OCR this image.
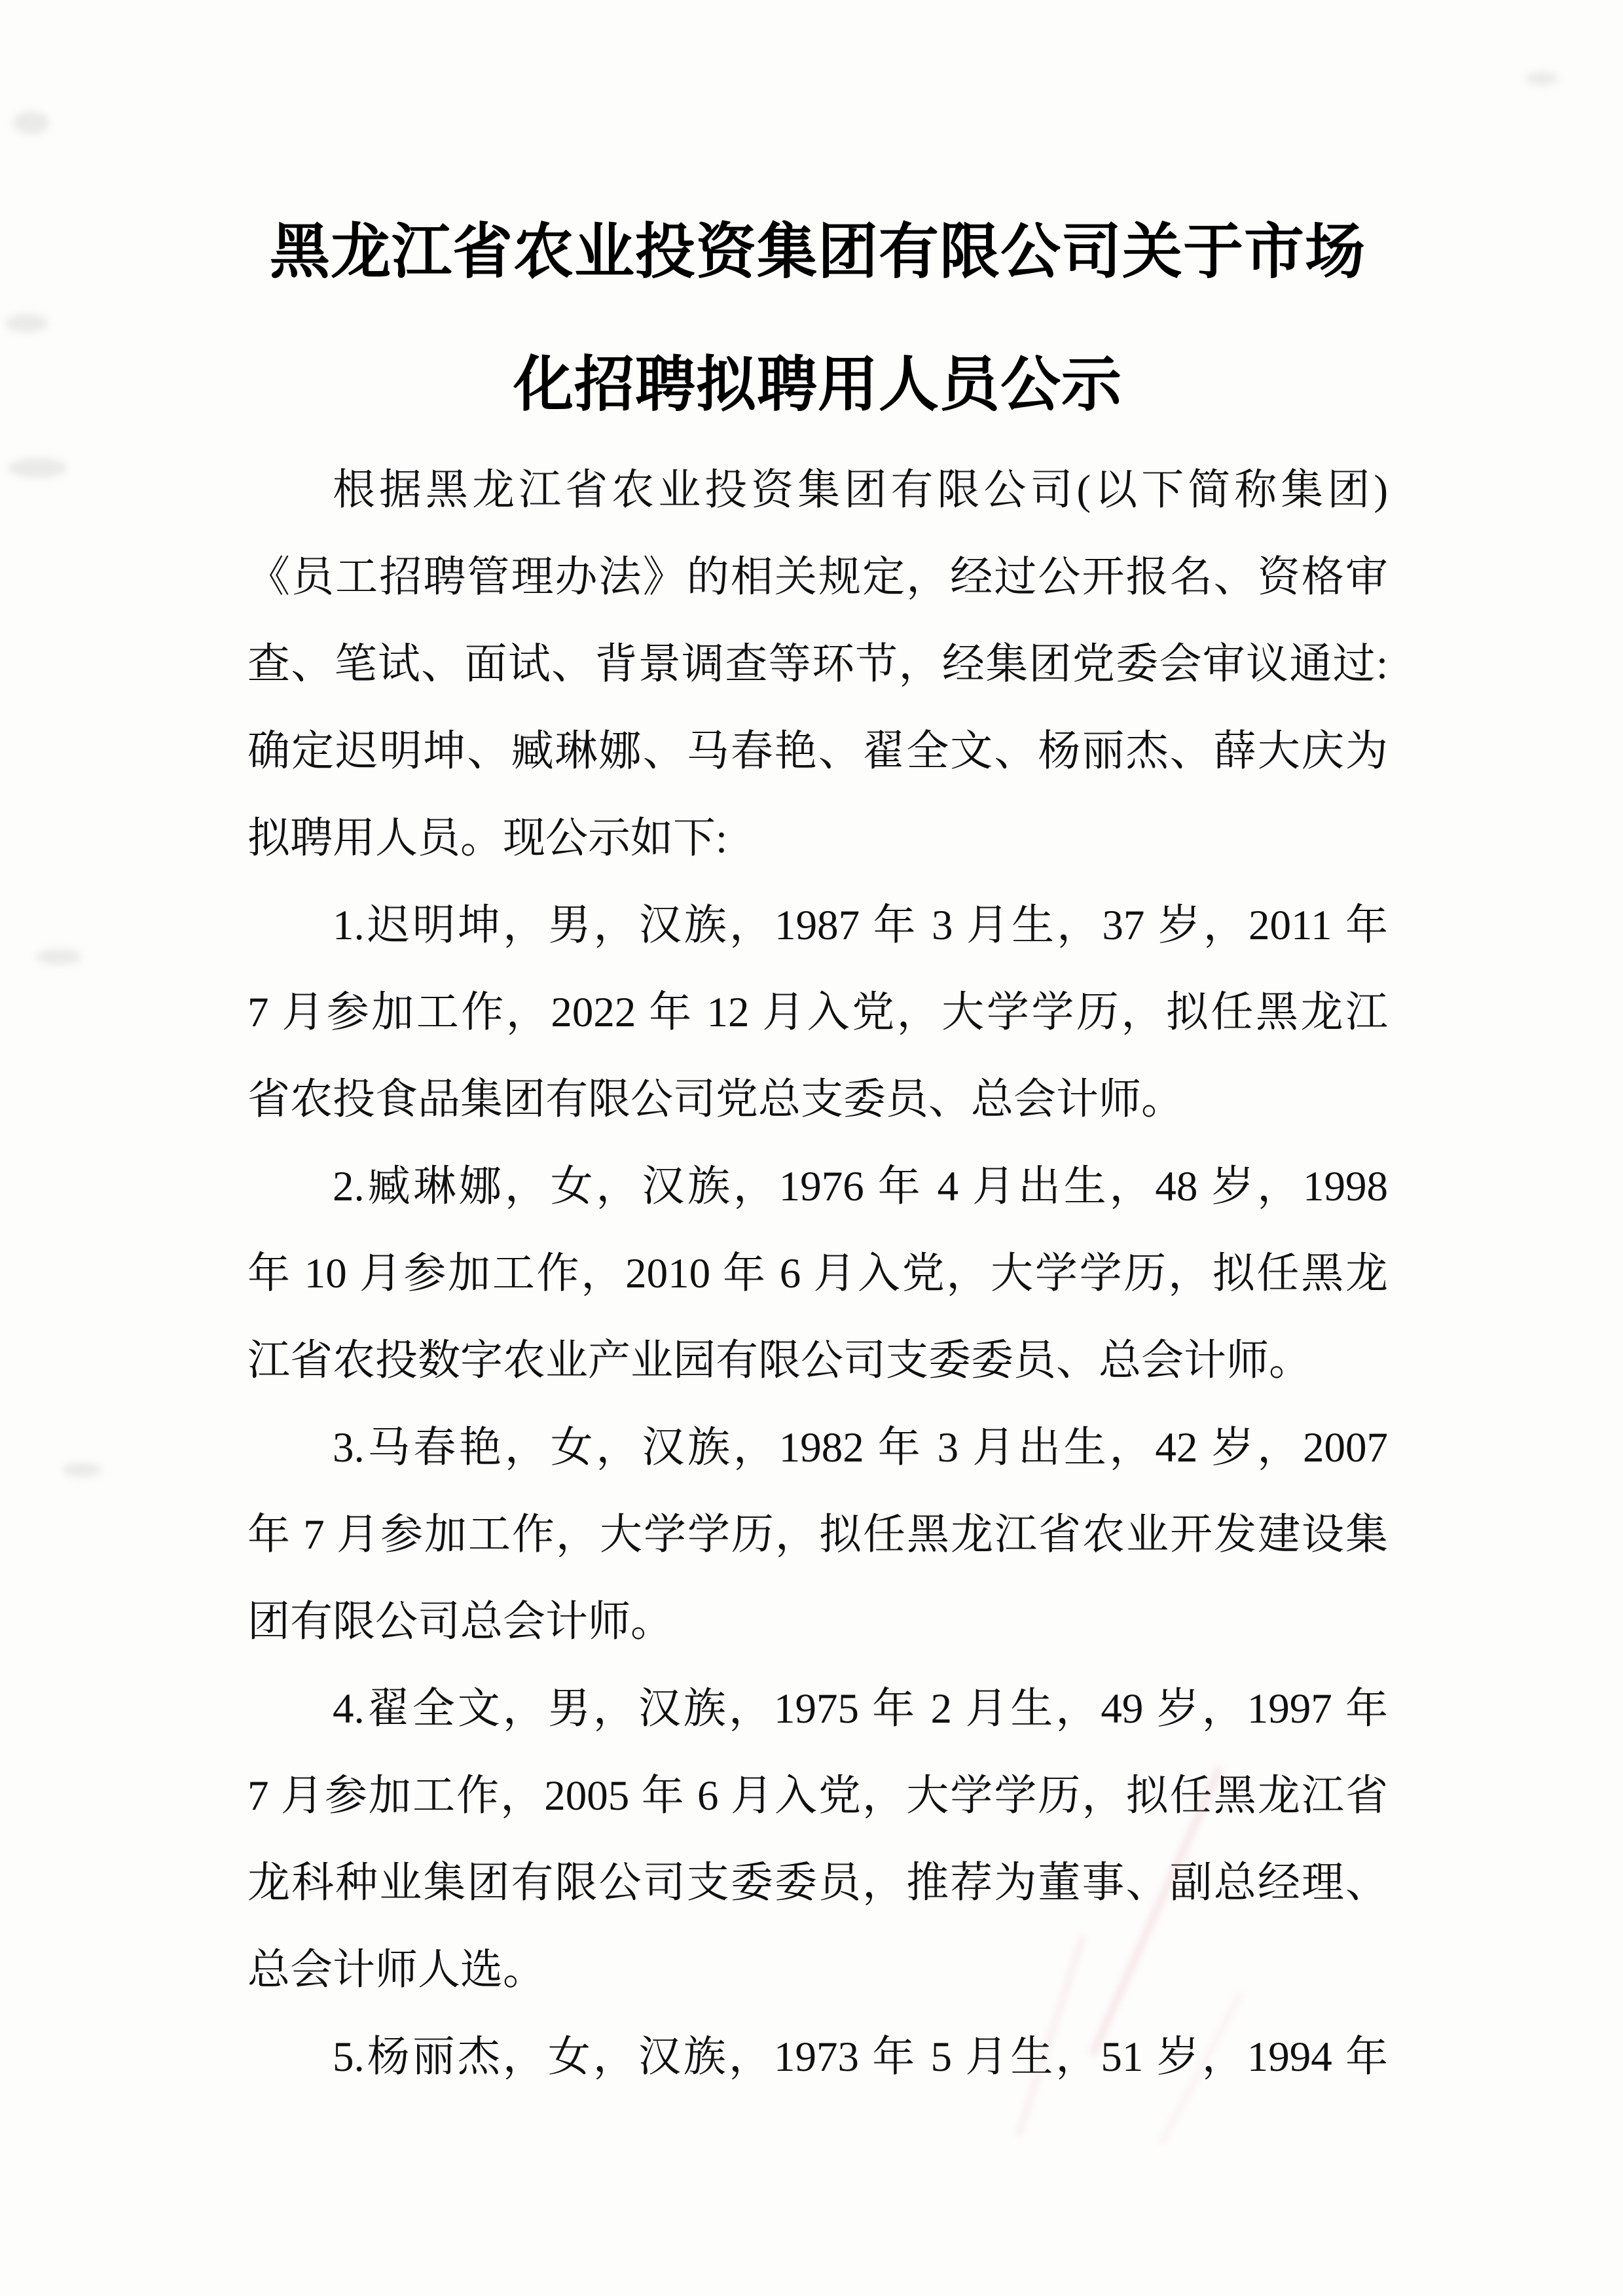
黑龙江省农业投资集团有限公司关于市场
化招聘拟聘用人员公示
根据黑龙江省农业投资集团有限公司(以下简称集团)
《员工招聘管理办法》的相关规定，经过公开报名、资格审
查、笔试、面试、背景调查等环节，经集团党委会审议通过:
确定迟明坤、臧琳娜、马春艳、翟全文、杨丽杰、薛大庆为
拟聘用人员。现公示如下:
1.迟明坤，男，汉族，1987 年 3 月生，37 岁，2011 年
7 月参加工作，2022 年 12 月入党，大学学历，拟任黑龙江
省农投食品集团有限公司党总支委员、总会计师。
2.臧琳娜，女，汉族，1976 年 4 月出生，48 岁，1998
年 10 月参加工作，2010 年 6 月入党，大学学历，拟任黑龙
江省农投数字农业产业园有限公司支委委员、总会计师。
3.马春艳，女，汉族，1982 年 3 月出生，42 岁，2007
年 7 月参加工作，大学学历，拟任黑龙江省农业开发建设集
团有限公司总会计师。
4.翟全文，男，汉族，1975 年 2 月生，49 岁，1997 年
7 月参加工作，2005 年 6 月入党，大学学历，拟任黑龙江省
龙科种业集团有限公司支委委员，推荐为董事、副总经理、
总会计师人选。
5.杨丽杰，女，汉族，1973 年 5 月生，51 岁，1994 年
